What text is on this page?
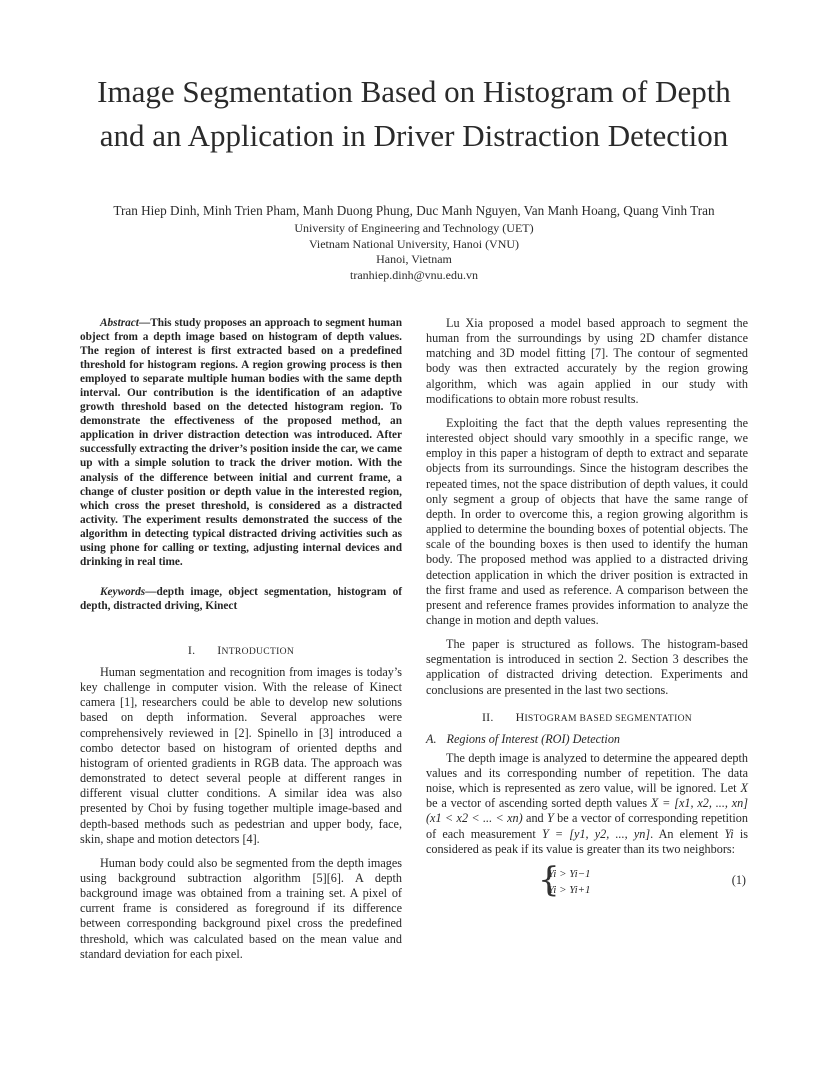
Image Segmentation Based on Histogram of Depth
and an Application in Driver Distraction Detection
Tran Hiep Dinh, Minh Trien Pham, Manh Duong Phung, Duc Manh Nguyen, Van Manh Hoang, Quang Vinh Tran
University of Engineering and Technology (UET)
Vietnam National University, Hanoi (VNU)
Hanoi, Vietnam
tranhiep.dinh@vnu.edu.vn

Abstract—This study proposes an approach to segment human object from a depth image based on histogram of depth values. The region of interest is first extracted based on a predefined threshold for histogram regions. A region growing process is then employed to separate multiple human bodies with the same depth interval. Our contribution is the identification of an adaptive growth threshold based on the detected histogram region. To demonstrate the effectiveness of the proposed method, an application in driver distraction detection was introduced. After successfully extracting the driver’s position inside the car, we came up with a simple solution to track the driver motion. With the analysis of the difference between initial and current frame, a change of cluster position or depth value in the interested region, which cross the preset threshold, is considered as a distracted activity. The experiment results demonstrated the success of the algorithm in detecting typical distracted driving activities such as using phone for calling or texting, adjusting internal devices and drinking in real time.

Keywords—depth image, object segmentation, histogram of depth, distracted driving, Kinect

I. INTRODUCTION

Human segmentation and recognition from images is today’s key challenge in computer vision. With the release of Kinect camera [1], researchers could be able to develop new solutions based on depth information. Several approaches were comprehensively reviewed in [2]. Spinello in [3] introduced a combo detector based on histogram of oriented depths and histogram of oriented gradients in RGB data. The approach was demonstrated to detect several people at different ranges in different visual clutter conditions. A similar idea was also presented by Choi by fusing together multiple image-based and depth-based methods such as pedestrian and upper body, face, skin, shape and motion detectors [4].

Human body could also be segmented from the depth images using background subtraction algorithm [5][6]. A depth background image was obtained from a training set. A pixel of current frame is considered as foreground if its difference between corresponding background pixel cross the predefined threshold, which was calculated based on the mean value and standard deviation for each pixel.

Lu Xia proposed a model based approach to segment the human from the surroundings by using 2D chamfer distance matching and 3D model fitting [7]. The contour of segmented body was then extracted accurately by the region growing algorithm, which was again applied in our study with modifications to obtain more robust results.

Exploiting the fact that the depth values representing the interested object should vary smoothly in a specific range, we employ in this paper a histogram of depth to extract and separate objects from its surroundings. Since the histogram describes the repeated times, not the space distribution of depth values, it could only segment a group of objects that have the same range of depth. In order to overcome this, a region growing algorithm is applied to determine the bounding boxes of potential objects. The scale of the bounding boxes is then used to identify the human body. The proposed method was applied to a distracted driving detection application in which the driver position is extracted in the first frame and used as reference. A comparison between the present and reference frames provides information to analyze the change in motion and depth values.

The paper is structured as follows. The histogram-based segmentation is introduced in section 2. Section 3 describes the application of distracted driving detection. Experiments and conclusions are presented in the last two sections.

II. HISTOGRAM BASED SEGMENTATION
A. Regions of Interest (ROI) Detection

The depth image is analyzed to determine the appeared depth values and its corresponding number of repetition. The data noise, which is represented as zero value, will be ignored. Let X be a vector of ascending sorted depth values X = [x1, x2, ..., xn] (x1 < x2 < ... < xn) and Y be a vector of corresponding repetition of each measurement Y = [y1, y2, ..., yn]. An element Yi is considered as peak if its value is greater than its two neighbors:

{
Yi > Yi−1
Yi > Yi+1
(1)
